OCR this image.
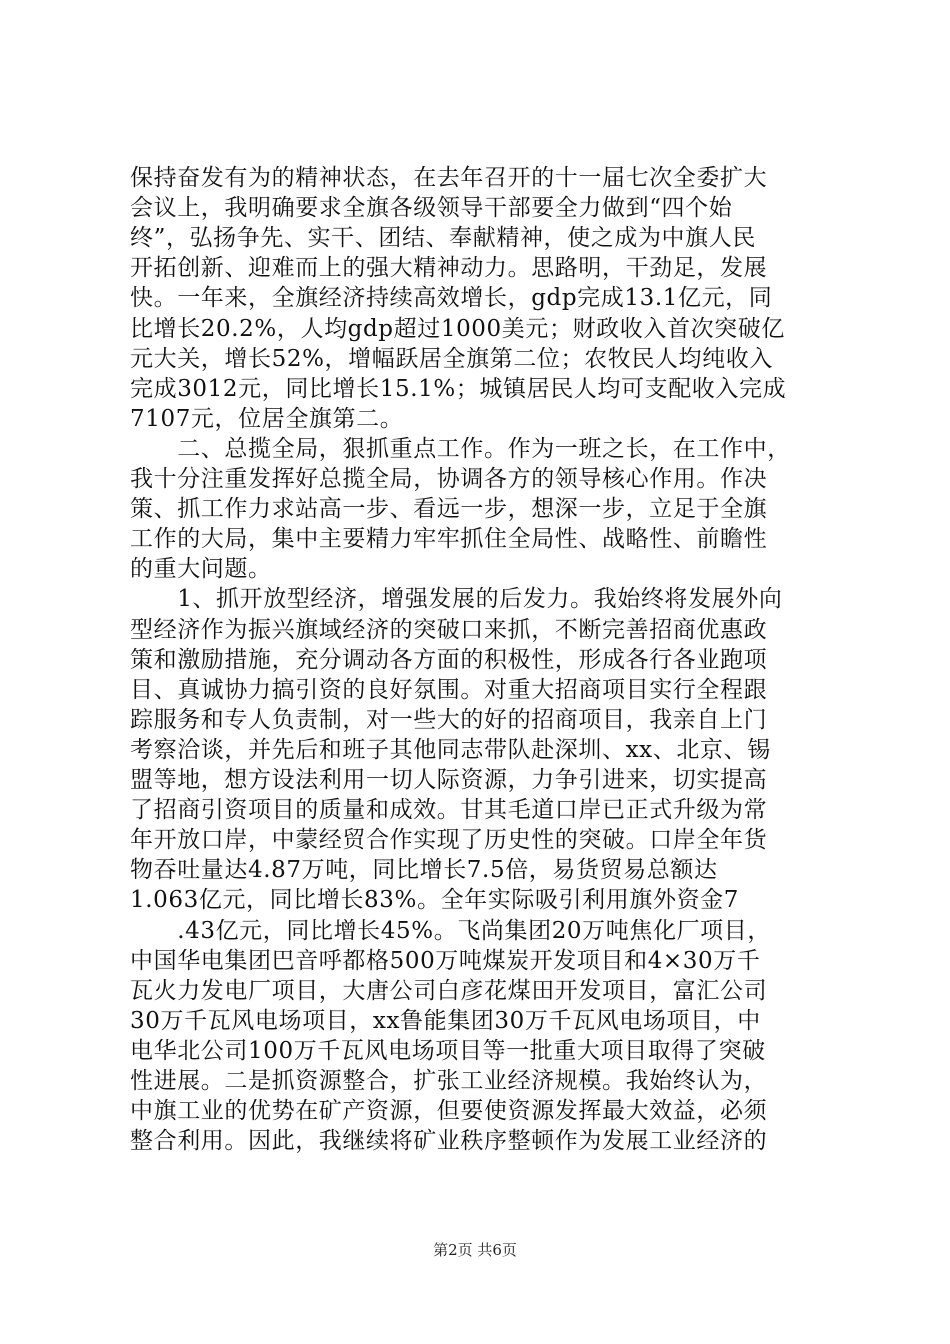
保持奋发有为的精神状态，在去年召开的十一届七次全委扩大
会议上，我明确要求全旗各级领导干部要全力做到“四个始
终”，弘扬争先、实干、团结、奉献精神，使之成为中旗人民
开拓创新、迎难而上的强大精神动力。思路明，干劲足，发展
快。一年来，全旗经济持续高效增长，gdp完成13.1亿元，同
比增长20.2%，人均gdp超过1000美元；财政收入首次突破亿
元大关，增长52%，增幅跃居全旗第二位；农牧民人均纯收入
完成3012元，同比增长15.1%；城镇居民人均可支配收入完成
7107元，位居全旗第二。
　　二、总揽全局，狠抓重点工作。作为一班之长，在工作中，
我十分注重发挥好总揽全局，协调各方的领导核心作用。作决
策、抓工作力求站高一步、看远一步，想深一步，立足于全旗
工作的大局，集中主要精力牢牢抓住全局性、战略性、前瞻性
的重大问题。
　　1、抓开放型经济，增强发展的后发力。我始终将发展外向
型经济作为振兴旗域经济的突破口来抓，不断完善招商优惠政
策和激励措施，充分调动各方面的积极性，形成各行各业跑项
目、真诚协力搞引资的良好氛围。对重大招商项目实行全程跟
踪服务和专人负责制，对一些大的好的招商项目，我亲自上门
考察洽谈，并先后和班子其他同志带队赴深圳、xx、北京、锡
盟等地，想方设法利用一切人际资源，力争引进来，切实提高
了招商引资项目的质量和成效。甘其毛道口岸已正式升级为常
年开放口岸，中蒙经贸合作实现了历史性的突破。口岸全年货
物吞吐量达4.87万吨，同比增长7.5倍，易货贸易总额达
1.063亿元，同比增长83%。全年实际吸引利用旗外资金7
　　.43亿元，同比增长45%。飞尚集团20万吨焦化厂项目，
中国华电集团巴音呼都格500万吨煤炭开发项目和4×30万千
瓦火力发电厂项目，大唐公司白彦花煤田开发项目，富汇公司
30万千瓦风电场项目，xx鲁能集团30万千瓦风电场项目，中
电华北公司100万千瓦风电场项目等一批重大项目取得了突破
性进展。二是抓资源整合，扩张工业经济规模。我始终认为，
中旗工业的优势在矿产资源，但要使资源发挥最大效益，必须
整合利用。因此，我继续将矿业秩序整顿作为发展工业经济的
第2页 共6页
